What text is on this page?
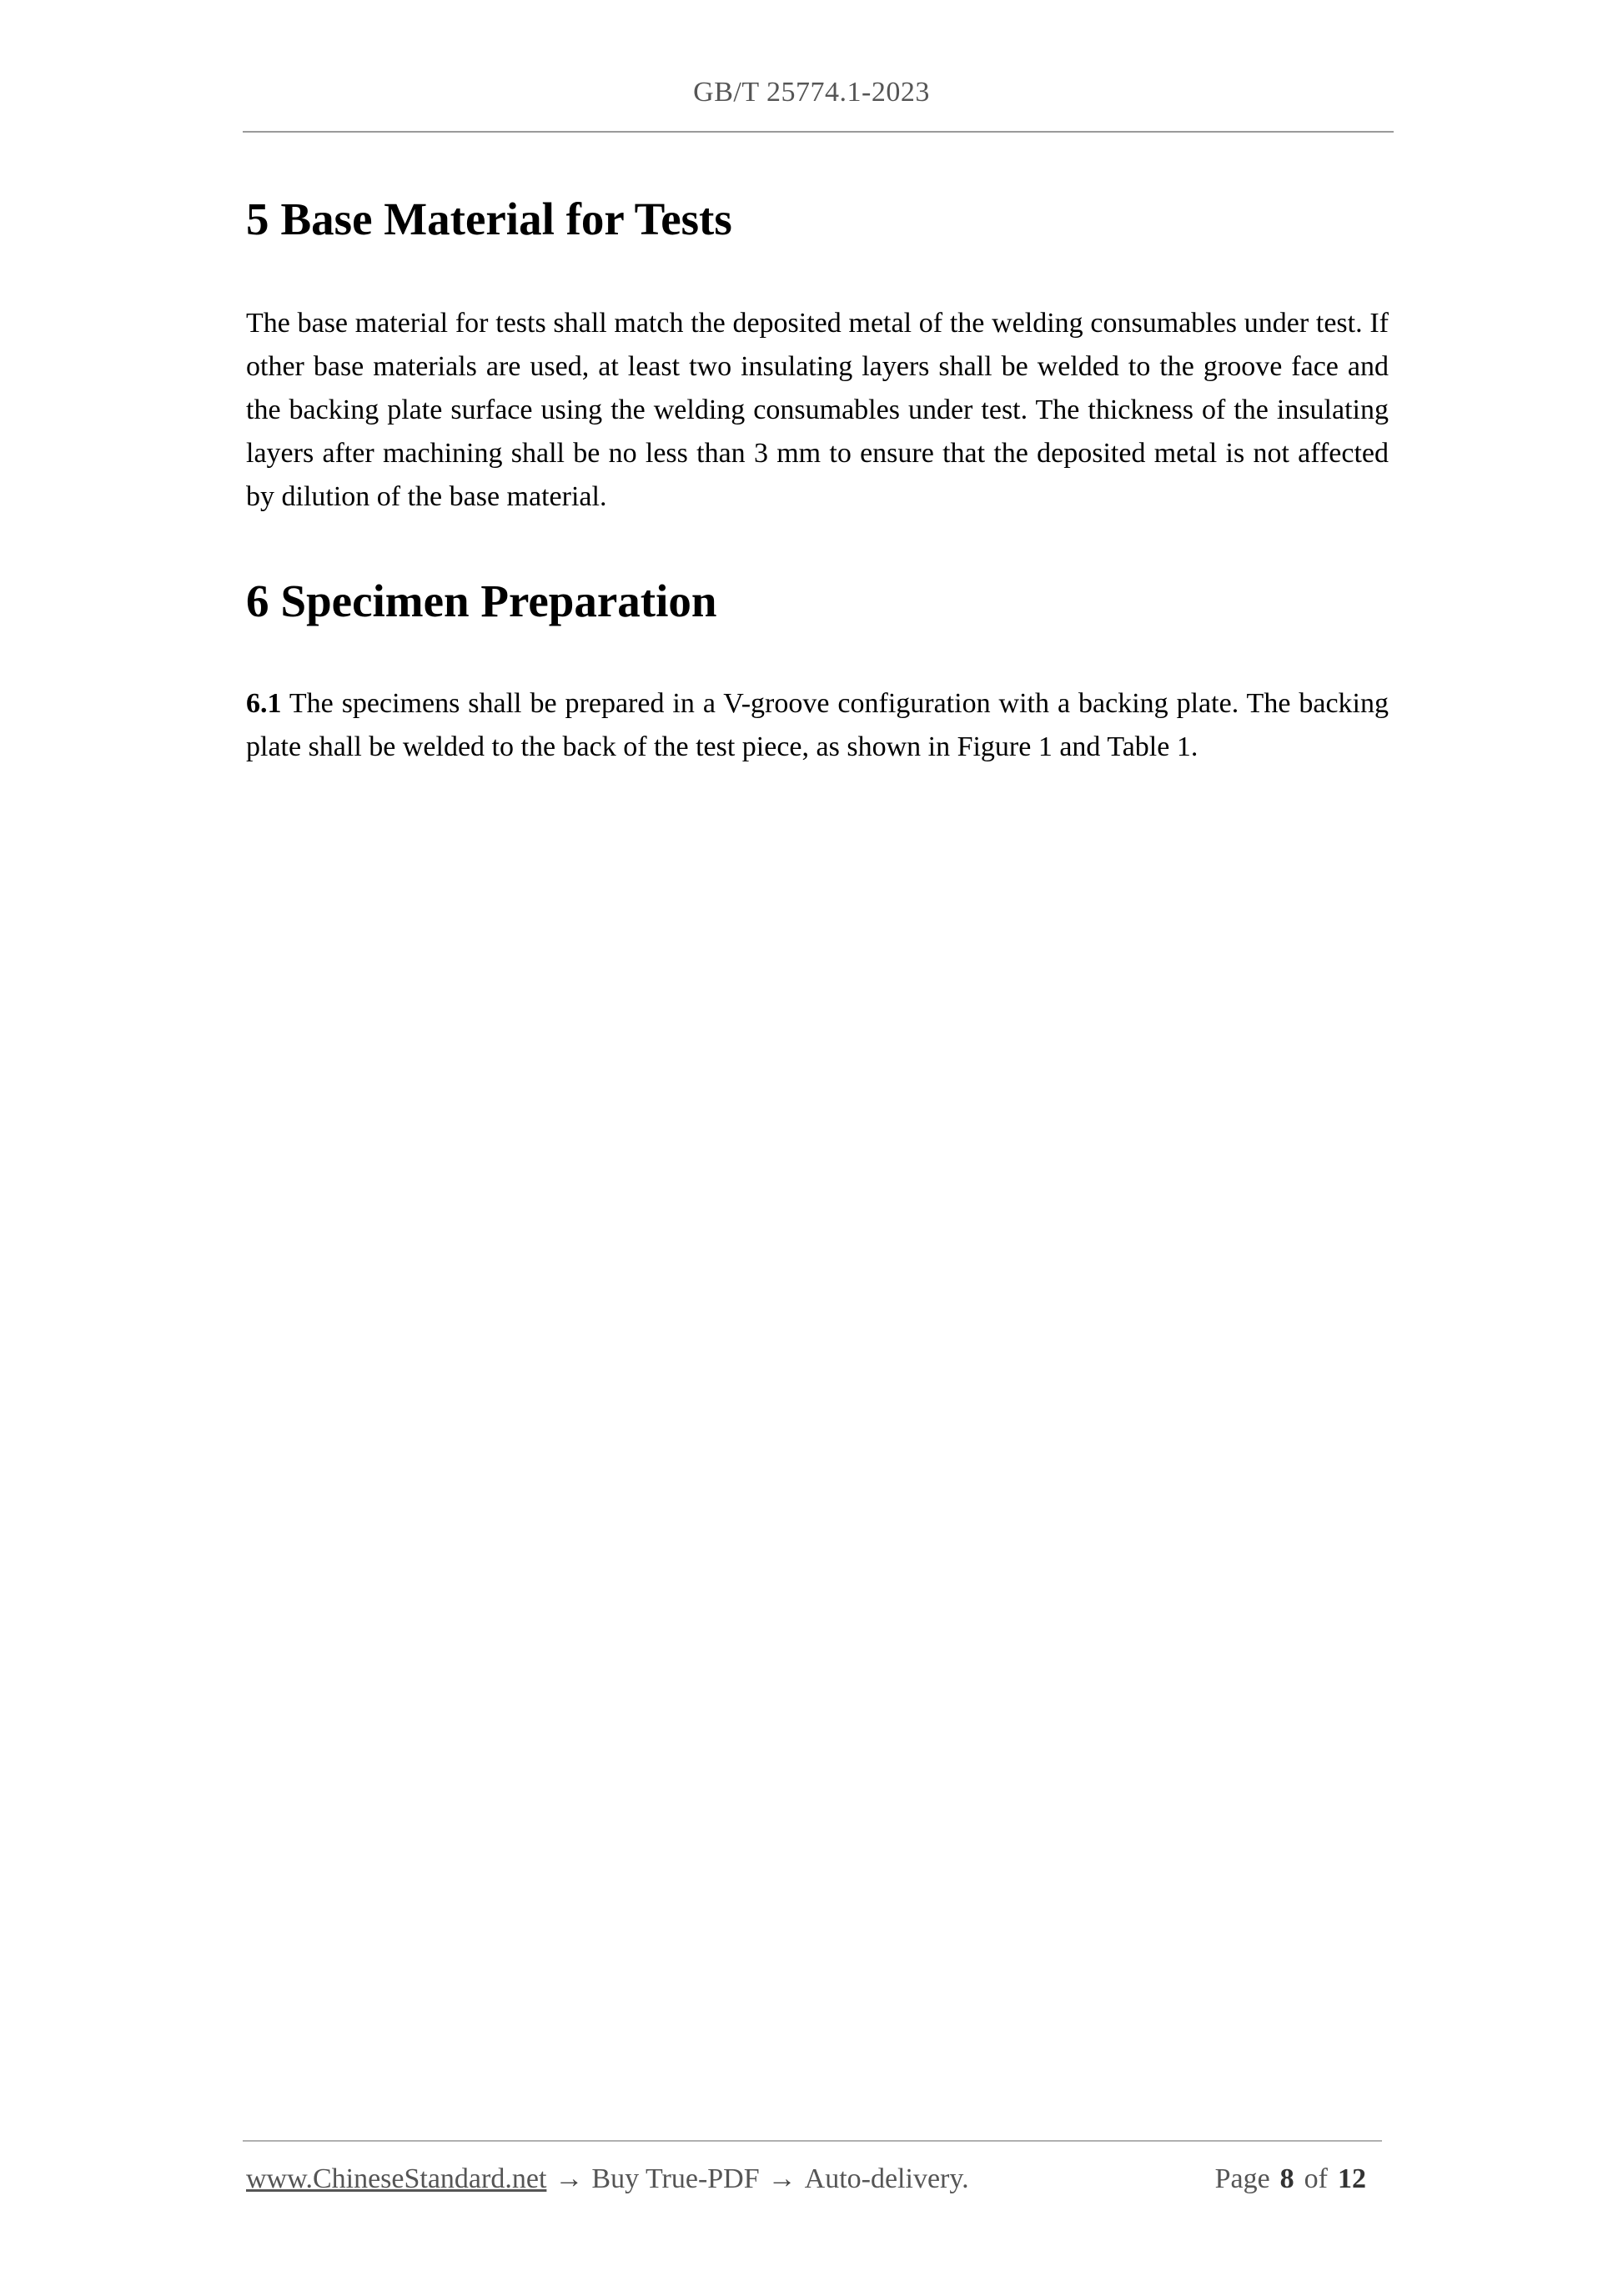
GB/T 25774.1-2023
5 Base Material for Tests

The base material for tests shall match the deposited metal of the welding consumables under test. If other base materials are used, at least two insulating layers shall be welded to the groove face and the backing plate surface using the welding consumables under test. The thickness of the insulating layers after machining shall be no less than 3 mm to ensure that the deposited metal is not affected by dilution of the base material.

6 Specimen Preparation

6.1 The specimens shall be prepared in a V-groove configuration with a backing plate. The backing plate shall be welded to the back of the test piece, as shown in Figure 1 and Table 1.

www.ChineseStandard.net → Buy True-PDF → Auto-delivery.	Page 8 of 12
